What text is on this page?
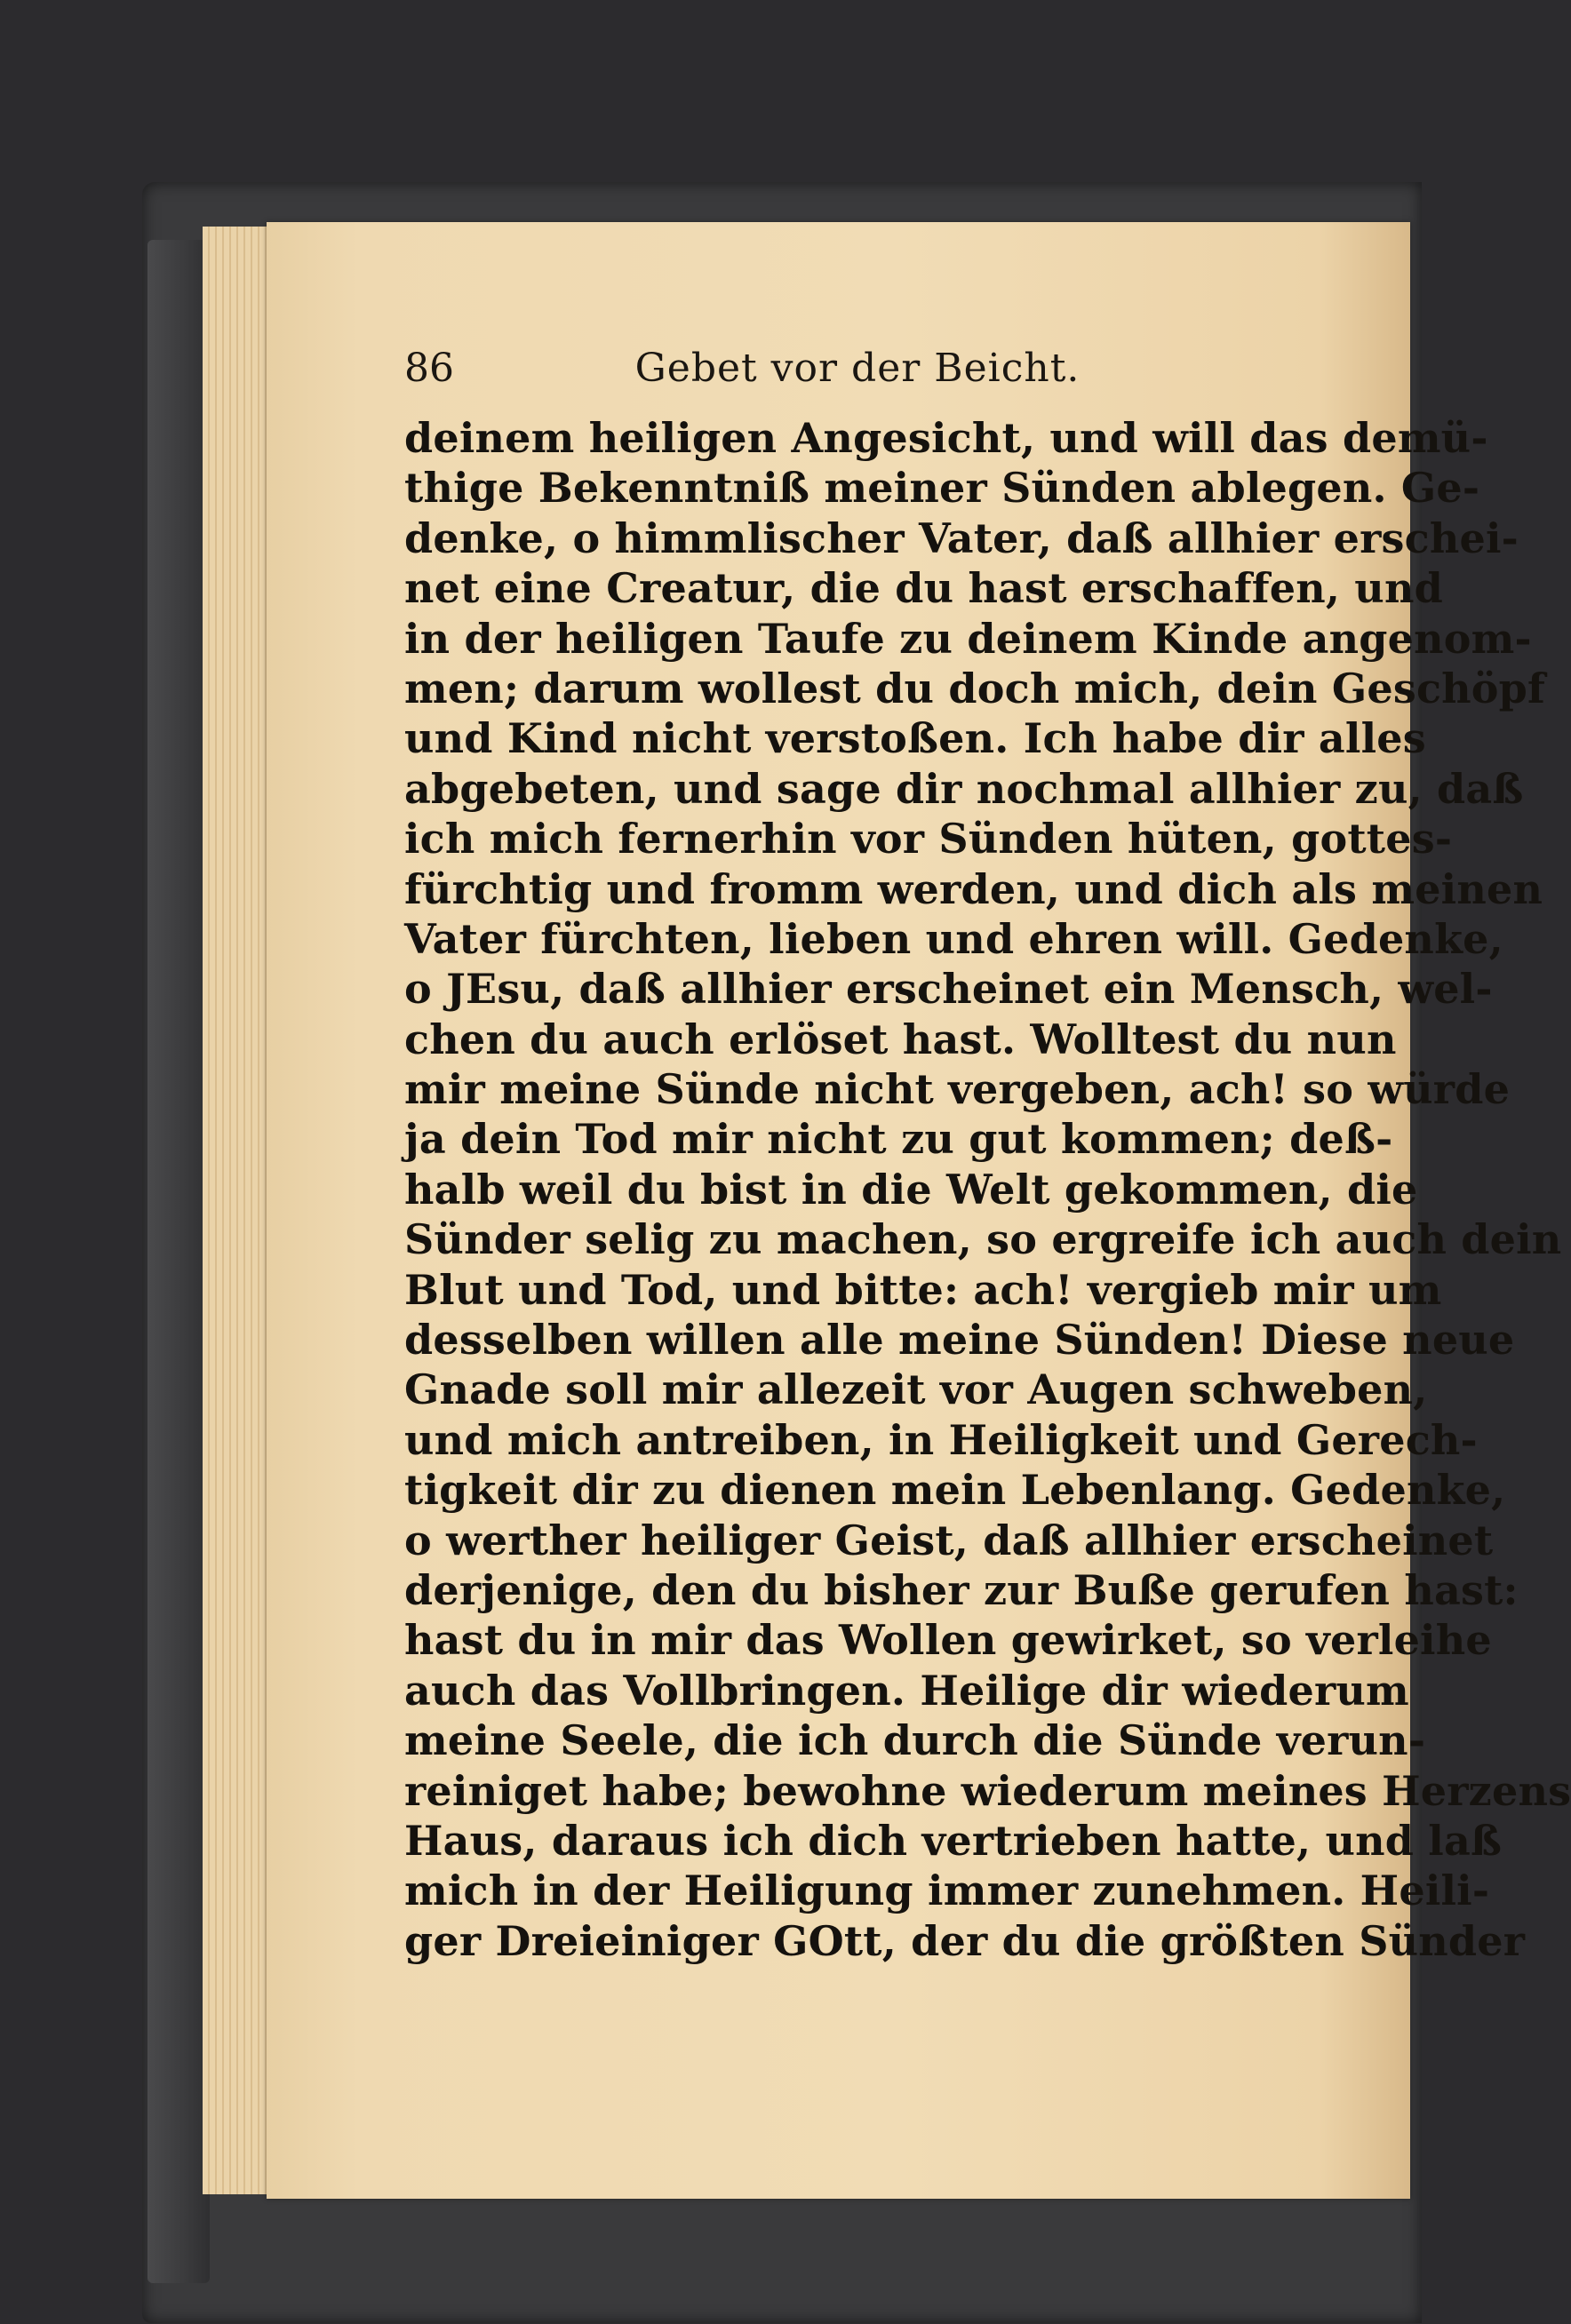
86	Gebet vor der Beicht.
deinem heiligen Angesicht, und will das demü-
thige Bekenntniß meiner Sünden ablegen. Ge-
denke, o himmlischer Vater, daß allhier erschei-
net eine Creatur, die du hast erschaffen, und
in der heiligen Taufe zu deinem Kinde angenom-
men; darum wollest du doch mich, dein Geschöpf
und Kind nicht verstoßen. Ich habe dir alles
abgebeten, und sage dir nochmal allhier zu, daß
ich mich fernerhin vor Sünden hüten, gottes-
fürchtig und fromm werden, und dich als meinen
Vater fürchten, lieben und ehren will. Gedenke,
o JEsu, daß allhier erscheinet ein Mensch, wel-
chen du auch erlöset hast. Wolltest du nun
mir meine Sünde nicht vergeben, ach! so würde
ja dein Tod mir nicht zu gut kommen; deß-
halb weil du bist in die Welt gekommen, die
Sünder selig zu machen, so ergreife ich auch dein
Blut und Tod, und bitte: ach! vergieb mir um
desselben willen alle meine Sünden! Diese neue
Gnade soll mir allezeit vor Augen schweben,
und mich antreiben, in Heiligkeit und Gerech-
tigkeit dir zu dienen mein Lebenlang. Gedenke,
o werther heiliger Geist, daß allhier erscheinet
derjenige, den du bisher zur Buße gerufen hast:
hast du in mir das Wollen gewirket, so verleihe
auch das Vollbringen. Heilige dir wiederum
meine Seele, die ich durch die Sünde verun-
reiniget habe; bewohne wiederum meines Herzens
Haus, daraus ich dich vertrieben hatte, und laß
mich in der Heiligung immer zunehmen. Heili-
ger Dreieiniger GOtt, der du die größten Sünder
